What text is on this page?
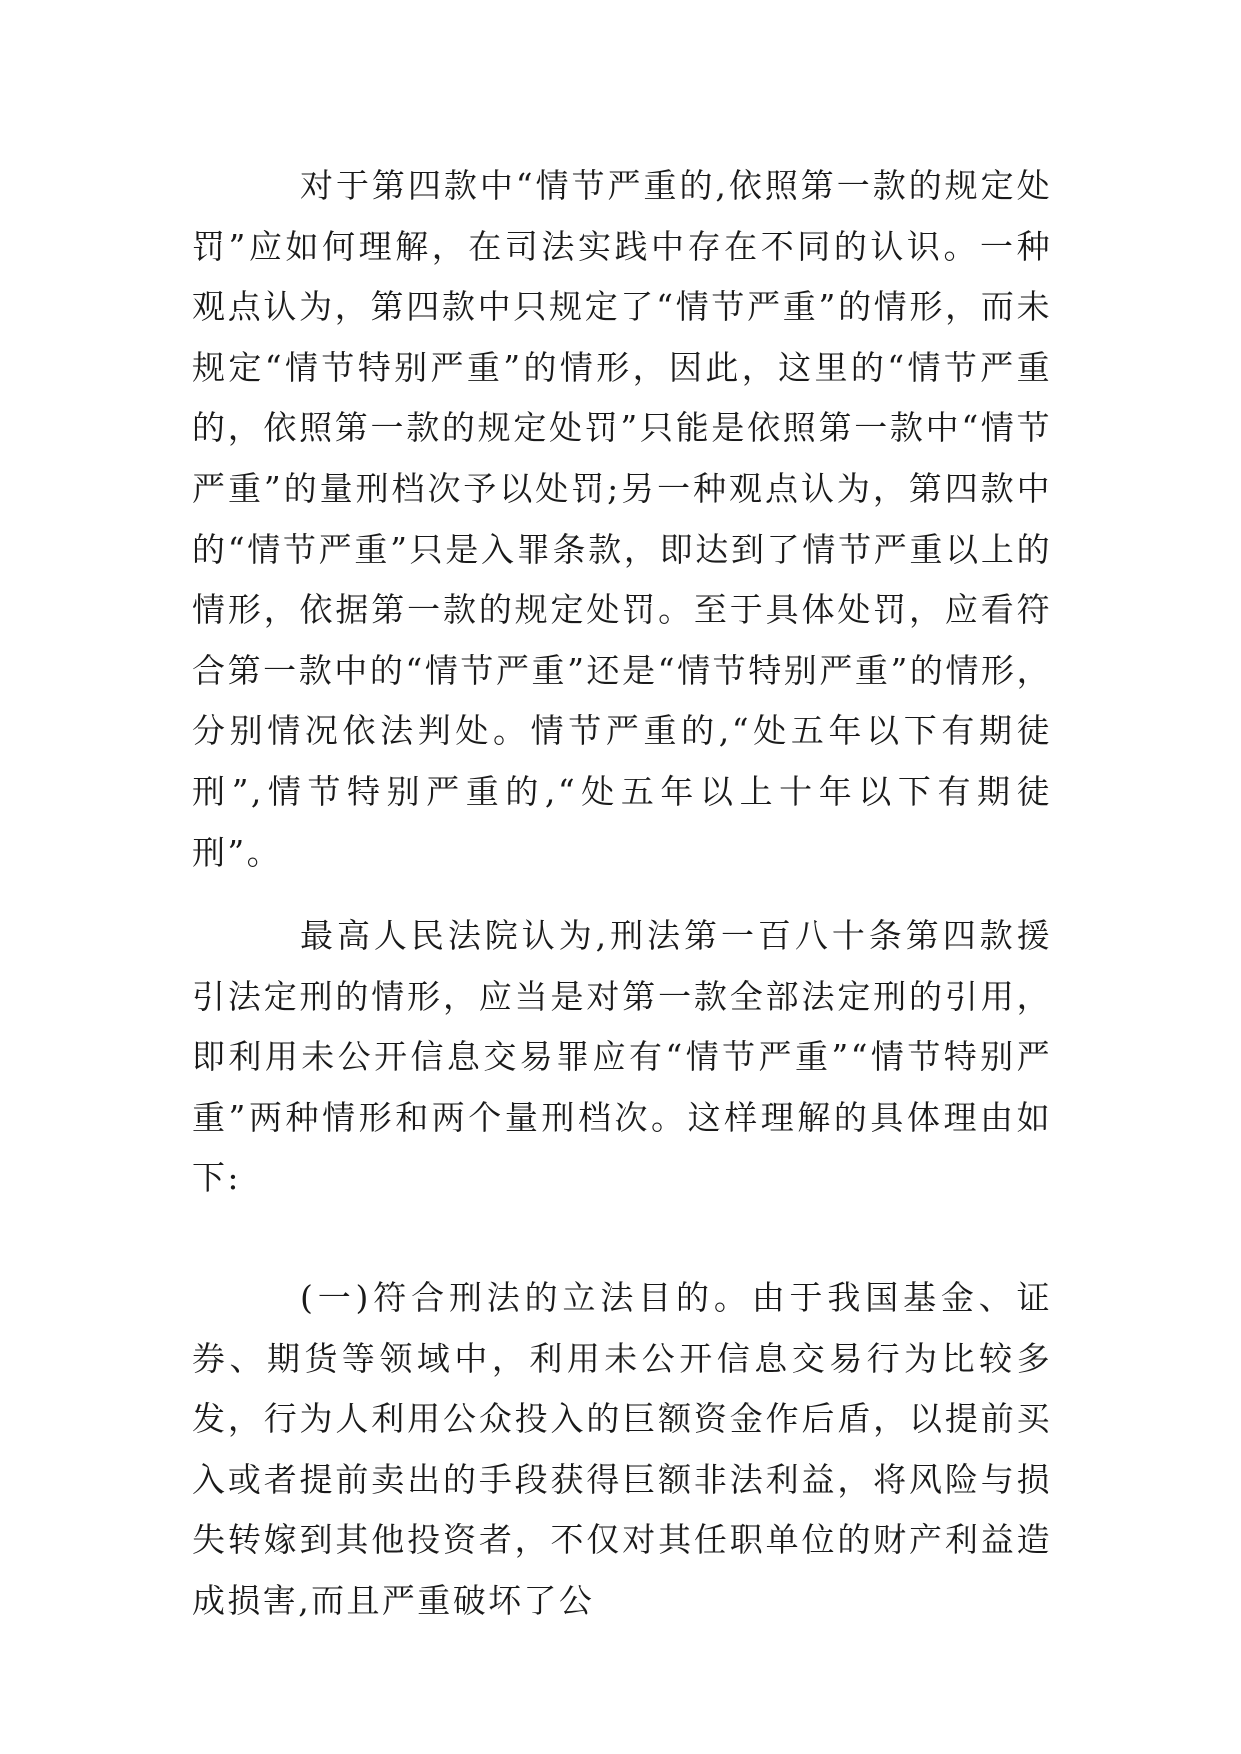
对于第四款中“情节严重的,依照第一款的规定处罚”应如何理解，在司法实践中存在不同的认识。一种观点认为，第四款中只规定了“情节严重”的情形，而未规定“情节特别严重”的情形，因此，这里的“情节严重的，依照第一款的规定处罚”只能是依照第一款中“情节严重”的量刑档次予以处罚;另一种观点认为，第四款中的“情节严重”只是入罪条款，即达到了情节严重以上的情形，依据第一款的规定处罚。至于具体处罚，应看符合第一款中的“情节严重”还是“情节特别严重”的情形，分别情况依法判处。情节严重的,“处五年以下有期徒刑”,情节特别严重的,“处五年以上十年以下有期徒刑”。

最高人民法院认为,刑法第一百八十条第四款援引法定刑的情形，应当是对第一款全部法定刑的引用，即利用未公开信息交易罪应有“情节严重”“情节特别严重”两种情形和两个量刑档次。这样理解的具体理由如下:

(一)符合刑法的立法目的。由于我国基金、证券、期货等领域中，利用未公开信息交易行为比较多发，行为人利用公众投入的巨额资金作后盾，以提前买入或者提前卖出的手段获得巨额非法利益，将风险与损失转嫁到其他投资者，不仅对其任职单位的财产利益造成损害,而且严重破坏了公
